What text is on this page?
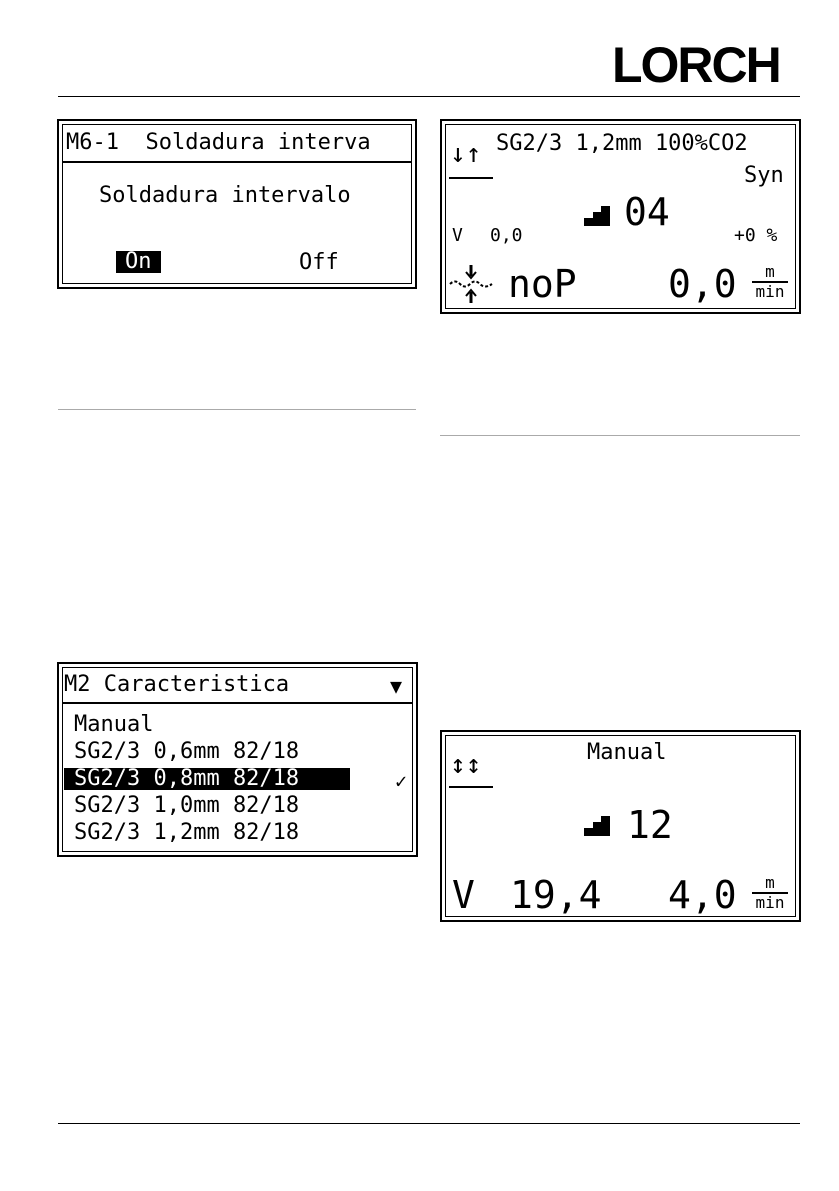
LORCH
M6-1  Soldadura interva
Soldadura intervalo
On	Off
↓↑ SG2/3 1,2mm 100%CO2
Syn
04
V 0,0	+0 %
noP 0,0	m
min
M2 Caracteristica	▼
Manual
SG2/3 0,6mm 82/18
SG2/3 0,8mm 82/18
SG2/3 1,0mm 82/18
SG2/3 1,2mm 82/18
✓
↕↕	Manual
12
V 19,4 4,0	m
min
